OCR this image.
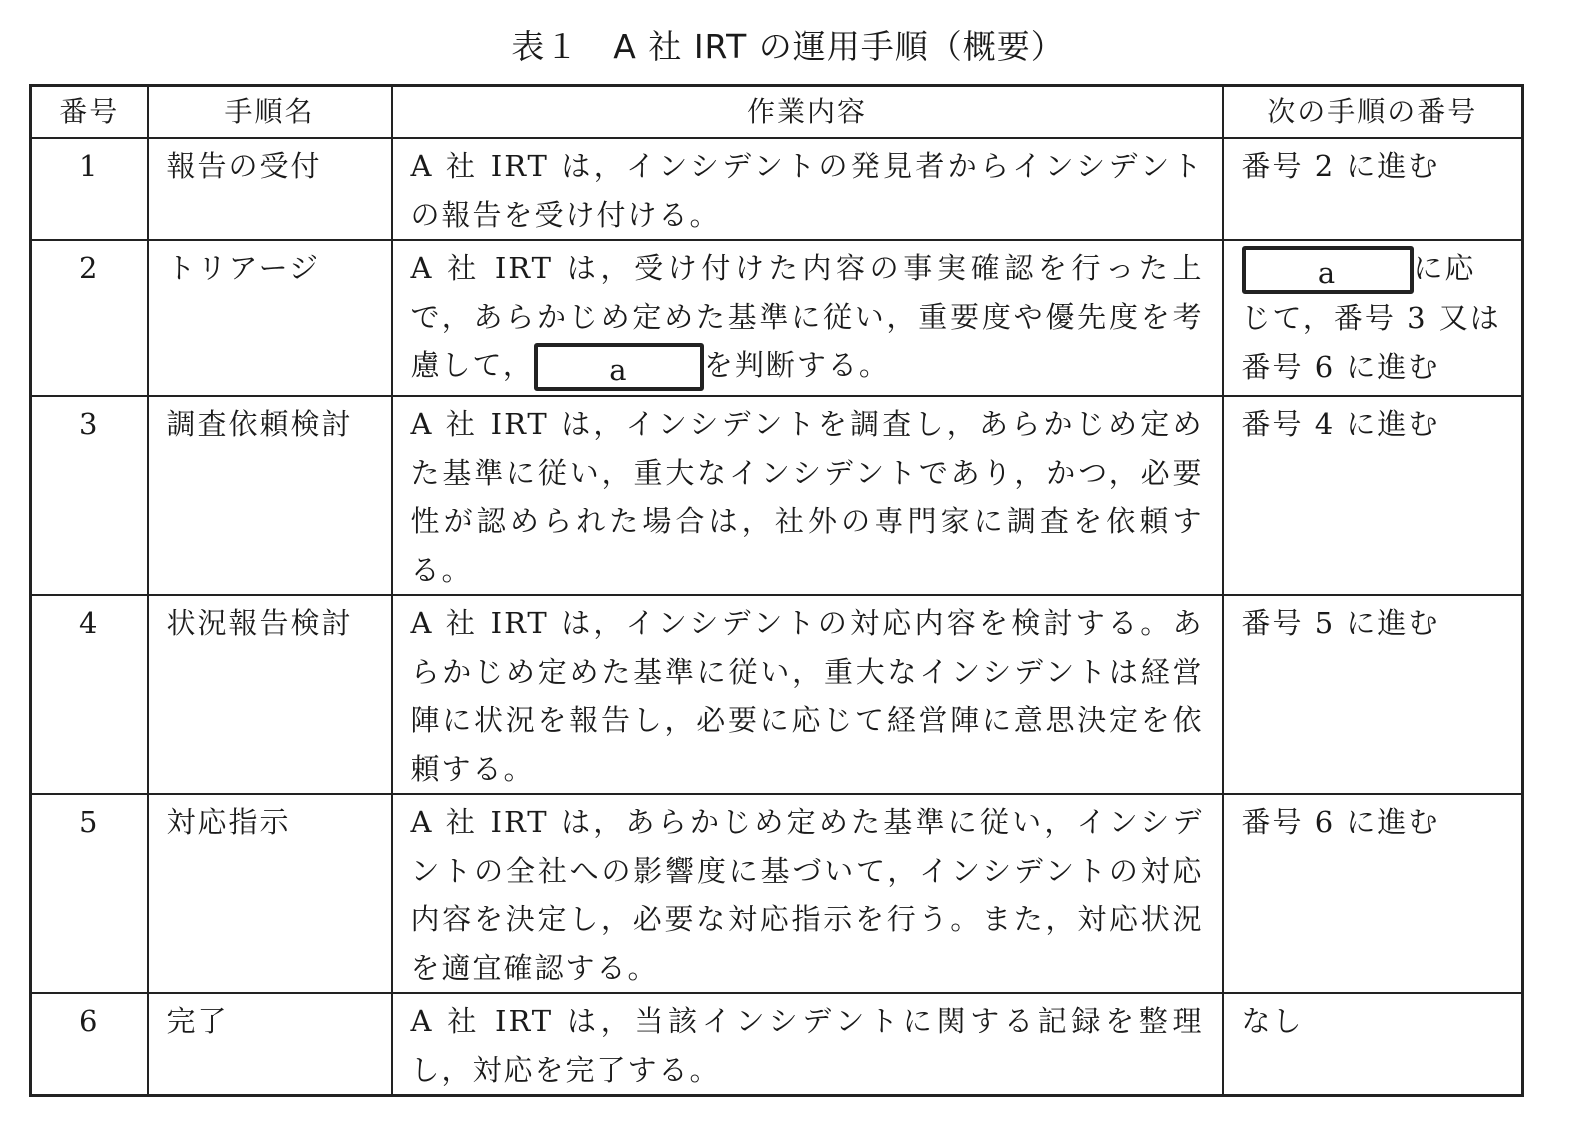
表１　A 社 IRT の運用手順（概要）
番号	手順名	作業内容	次の手順の番号
1	報告の受付	A 社 IRT は，インシデントの発見者からインシデントの報告を受け付ける。	番号 2 に進む
2	トリアージ	A 社 IRT は，受け付けた内容の事実確認を行った上で，あらかじめ定めた基準に従い，重要度や優先度を考慮して， a を判断する。	a に応じて，番号 3 又は番号 6 に進む
3	調査依頼検討	A 社 IRT は，インシデントを調査し，あらかじめ定めた基準に従い，重大なインシデントであり，かつ，必要性が認められた場合は，社外の専門家に調査を依頼する。	番号 4 に進む
4	状況報告検討	A 社 IRT は，インシデントの対応内容を検討する。あらかじめ定めた基準に従い，重大なインシデントは経営陣に状況を報告し，必要に応じて経営陣に意思決定を依頼する。	番号 5 に進む
5	対応指示	A 社 IRT は，あらかじめ定めた基準に従い，インシデントの全社への影響度に基づいて，インシデントの対応内容を決定し，必要な対応指示を行う。また，対応状況を適宜確認する。	番号 6 に進む
6	完了	A 社 IRT は，当該インシデントに関する記録を整理し，対応を完了する。	なし
